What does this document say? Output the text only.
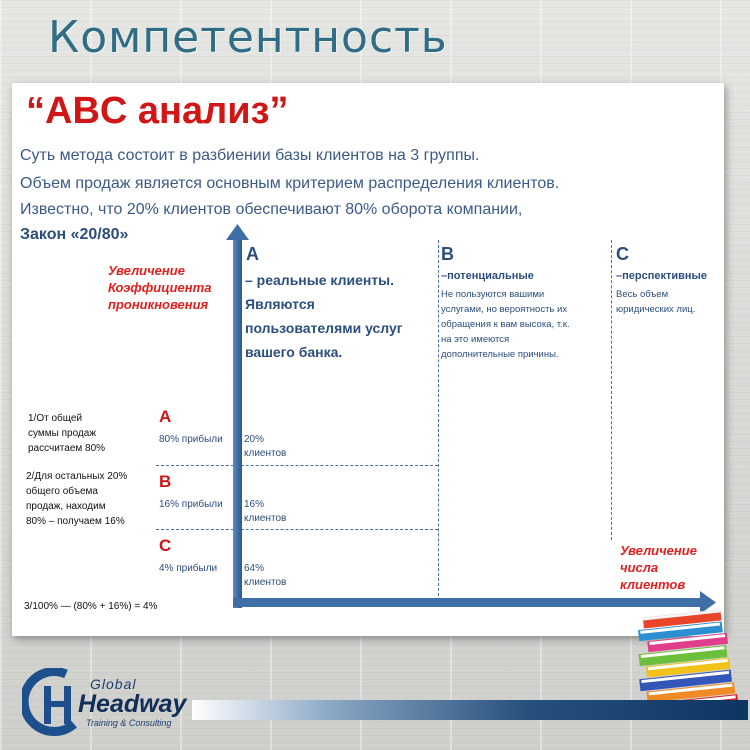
Компетентность
“ABC анализ”
Суть метода состоит в разбиении базы клиентов на 3 группы.
Объем продаж является основным критерием распределения клиентов.
Известно, что 20% клиентов обеспечивают 80% оборота компании,
Закон «20/80»
Увеличение
Коэффициента
проникновения
1/От общей
суммы продаж
рассчитаем 80%
2/Для остальных 20%
общего объема
продаж, находим
80% – получаем 16%
3/100% — (80% + 16%) = 4%
A
80% прибыли 20%
клиентов
B
16% прибыли 16%
клиентов
C
4% прибыли	64%
клиентов
A
– реальные клиенты.
Являются
пользователями услуг
вашего банка.
B
–потенциальные
Не пользуются вашими
услугами, но вероятность их
обращения к вам высока, т.к.
на это имеются
дополнительные причины.
C
–перспективные
Весь объем
юридических лиц.
Увеличение
числа
клиентов
Global
Headway
Training & Consulting
